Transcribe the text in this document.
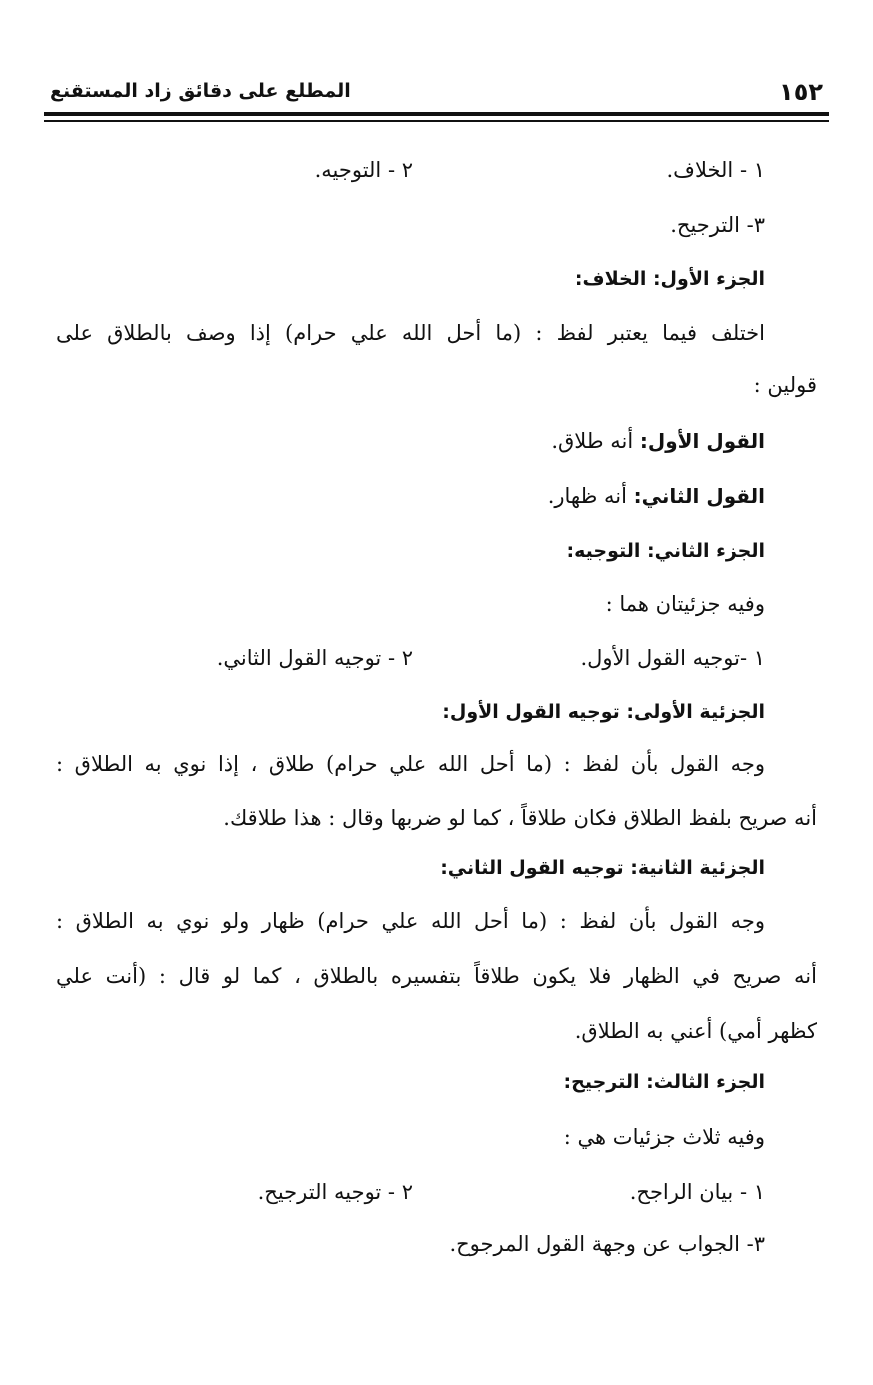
١٥٢
المطلع على دقائق زاد المستقنع
١ - الخلاف.
٢ - التوجيه.
٣- الترجيح.
الجزء الأول: الخلاف:
اختلف فيما يعتبر لفظ : (ما أحل الله علي حرام) إذا وصف بالطلاق على
قولين :
القول الأول: أنه طلاق.
القول الثاني: أنه ظهار.
الجزء الثاني: التوجيه:
وفيه جزئيتان هما :
١ -توجيه القول الأول.
٢ - توجيه القول الثاني.
الجزئية الأولى: توجيه القول الأول:
وجه القول بأن لفظ : (ما أحل الله علي حرام) طلاق ، إذا نوي به الطلاق :
أنه صريح بلفظ الطلاق فكان طلاقاً ، كما لو ضربها وقال : هذا طلاقك.
الجزئية الثانية: توجيه القول الثاني:
وجه القول بأن لفظ : (ما أحل الله علي حرام) ظهار ولو نوي به الطلاق :
أنه صريح في الظهار فلا يكون طلاقاً بتفسيره بالطلاق ، كما لو قال : (أنت علي
كظهر أمي) أعني به الطلاق.
الجزء الثالث: الترجيح:
وفيه ثلاث جزئيات هي :
١ - بيان الراجح.
٢ - توجيه الترجيح.
٣- الجواب عن وجهة القول المرجوح.
